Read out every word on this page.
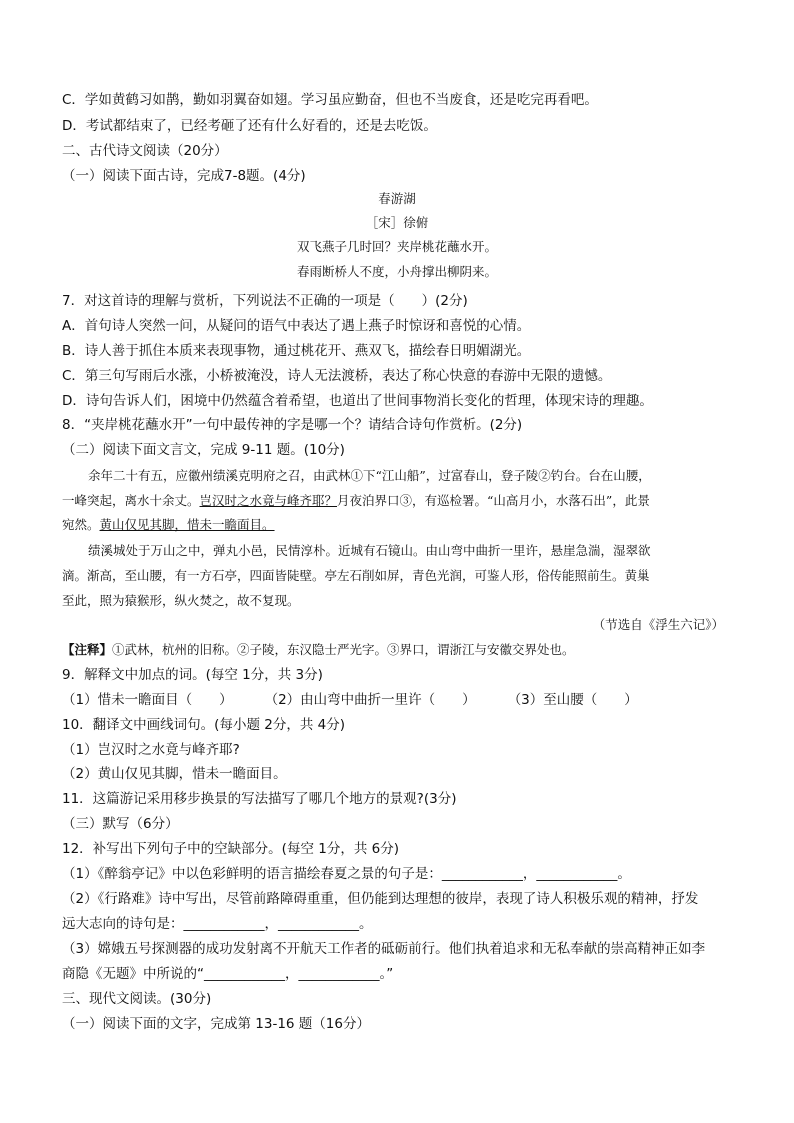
C．学如黄鹤习如鹊，勤如羽翼奋如翅。学习虽应勤奋，但也不当废食，还是吃完再看吧。
D．考试都结束了，已经考砸了还有什么好看的，还是去吃饭。
二、古代诗文阅读（20分）
（一）阅读下面古诗，完成7-8题。(4分)
春游湖
［宋］徐俯
双飞燕子几时回？夹岸桃花蘸水开。
春雨断桥人不度，小舟撑出柳阴来。
7．对这首诗的理解与赏析，下列说法不正确的一项是（　　）(2分)
A．首句诗人突然一问，从疑问的语气中表达了遇上燕子时惊讶和喜悦的心情。
B．诗人善于抓住本质来表现事物，通过桃花开、燕双飞，描绘春日明媚湖光。
C．第三句写雨后水涨，小桥被淹没，诗人无法渡桥，表达了称心快意的春游中无限的遗憾。
D．诗句告诉人们，困境中仍然蕴含着希望，也道出了世间事物消长变化的哲理，体现宋诗的理趣。
8．“夹岸桃花蘸水开”一句中最传神的字是哪一个？请结合诗句作赏析。(2分)
（二）阅读下面文言文，完成 9-11 题。(10分)
余年二十有五，应徽州绩溪克明府之召，由武林①下“江山船”，过富春山，登子陵②钓台。台在山腰，
一峰突起，离水十余丈。岂汉时之水竟与峰齐耶？月夜泊界口③，有巡检署。“山高月小，水落石出”，此景
宛然。黄山仅见其脚，惜未一瞻面目。
绩溪城处于万山之中，弹丸小邑，民情淳朴。近城有石镜山。由山弯中曲折一里许，悬崖急湍，湿翠欲
滴。渐高，至山腰，有一方石亭，四面皆陡壁。亭左石削如屏，青色光润，可鉴人形，俗传能照前生。黄巢
至此，照为猿猴形，纵火焚之，故不复现。
（节选自《浮生六记》）
【注释】①武林，杭州的旧称。②子陵，东汉隐士严光字。③界口，谓浙江与安徽交界处也。
9．解释文中加点的词。(每空 1分，共 3分)
（1）惜未一瞻面目（　　） （2）由山弯中曲折一里许（　　） （3）至山腰（　　）
10．翻译文中画线词句。(每小题 2分，共 4分)
（1）岂汉时之水竟与峰齐耶?
（2）黄山仅见其脚，惜未一瞻面目。
11．这篇游记采用移步换景的写法描写了哪几个地方的景观?(3分)
（三）默写（6分）
12．补写出下列句子中的空缺部分。(每空 1分，共 6分)
（1）《醉翁亭记》中以色彩鲜明的语言描绘春夏之景的句子是：____________，____________。
（2）《行路难》诗中写出，尽管前路障碍重重，但仍能到达理想的彼岸，表现了诗人积极乐观的精神，抒发
远大志向的诗句是：____________，____________。
（3）嫦娥五号探测器的成功发射离不开航天工作者的砥砺前行。他们执着追求和无私奉献的崇高精神正如李
商隐《无题》中所说的“____________，____________。”
三、现代文阅读。(30分)
（一）阅读下面的文字，完成第 13-16 题（16分）
